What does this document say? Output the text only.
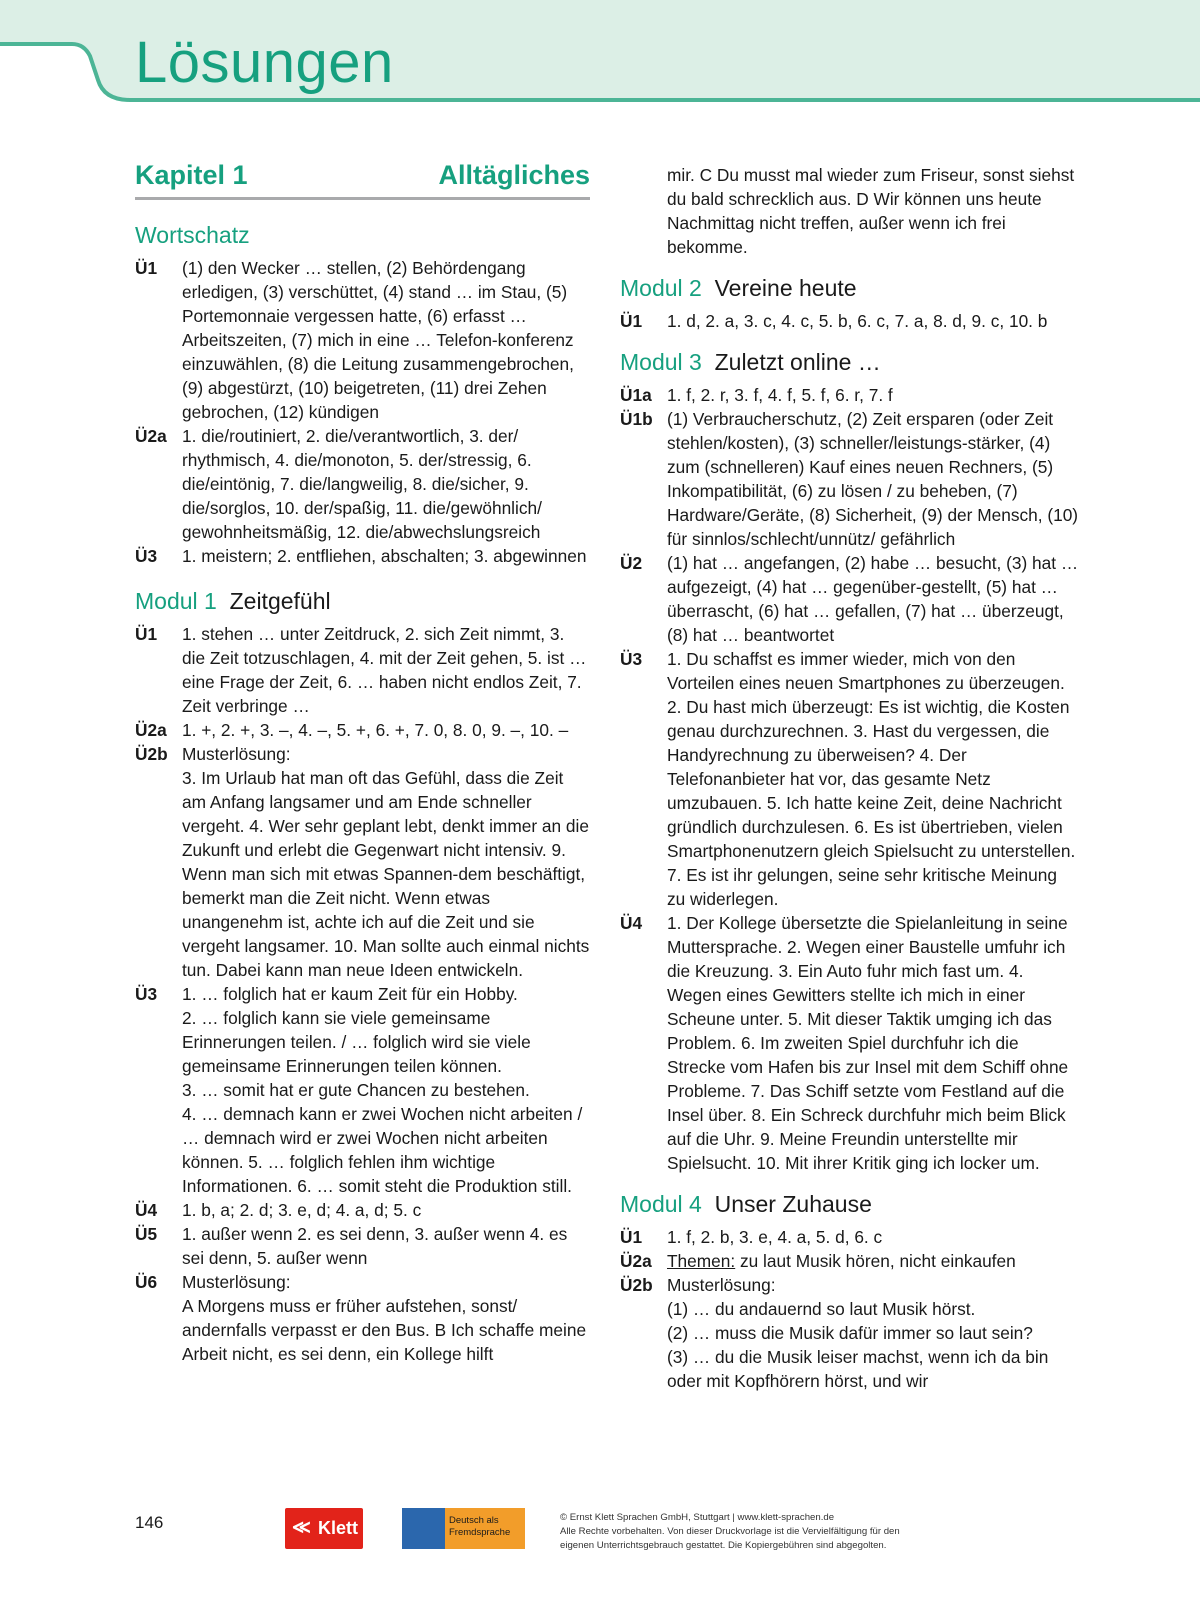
Lösungen
Kapitel 1	Alltägliches
Wortschatz
Ü1	(1) den Wecker … stellen, (2) Behördengang erledigen, (3) verschüttet, (4) stand … im Stau, (5) Portemonnaie vergessen hatte, (6) erfasst … Arbeitszeiten, (7) mich in eine … Telefon-konferenz einzuwählen, (8) die Leitung zusammengebrochen, (9) abgestürzt, (10) beigetreten, (11) drei Zehen gebrochen, (12) kündigen
Ü2a 1. die/routiniert, 2. die/verantwortlich, 3. der/ rhythmisch, 4. die/monoton, 5. der/stressig, 6. die/eintönig, 7. die/langweilig, 8. die/sicher, 9. die/sorglos, 10. der/spaßig, 11. die/gewöhnlich/ gewohnheitsmäßig, 12. die/abwechslungsreich
Ü3	1. meistern; 2. entfliehen, abschalten; 3. abgewinnen
Modul 1 Zeitgefühl
Ü1	1. stehen … unter Zeitdruck, 2. sich Zeit nimmt, 3. die Zeit totzuschlagen, 4. mit der Zeit gehen, 5. ist … eine Frage der Zeit, 6. … haben nicht endlos Zeit, 7. Zeit verbringe …
Ü2a 1. +, 2. +, 3. –, 4. –, 5. +, 6. +, 7. 0, 8. 0, 9. –, 10. –
Ü2b Musterlösung:
3. Im Urlaub hat man oft das Gefühl, dass die Zeit am Anfang langsamer und am Ende schneller vergeht. 4. Wer sehr geplant lebt, denkt immer an die Zukunft und erlebt die Gegenwart nicht intensiv. 9. Wenn man sich mit etwas Spannen-dem beschäftigt, bemerkt man die Zeit nicht. Wenn etwas unangenehm ist, achte ich auf die Zeit und sie vergeht langsamer. 10. Man sollte auch einmal nichts tun. Dabei kann man neue Ideen entwickeln.
Ü3	1. … folglich hat er kaum Zeit für ein Hobby.
2. … folglich kann sie viele gemeinsame Erinnerungen teilen. / … folglich wird sie viele gemeinsame Erinnerungen teilen können.
3. … somit hat er gute Chancen zu bestehen.
4. … demnach kann er zwei Wochen nicht arbeiten / … demnach wird er zwei Wochen nicht arbeiten können. 5. … folglich fehlen ihm wichtige Informationen. 6. … somit steht die Produktion still.
Ü4	1. b, a; 2. d; 3. e, d; 4. a, d; 5. c
Ü5	1. außer wenn 2. es sei denn, 3. außer wenn 4. es sei denn, 5. außer wenn
Ü6	Musterlösung:
A Morgens muss er früher aufstehen, sonst/ andernfalls verpasst er den Bus. B Ich schaffe meine Arbeit nicht, es sei denn, ein Kollege hilft
mir. C Du musst mal wieder zum Friseur, sonst siehst du bald schrecklich aus. D Wir können uns heute Nachmittag nicht treffen, außer wenn ich frei bekomme.
Modul 2 Vereine heute
Ü1	1. d, 2. a, 3. c, 4. c, 5. b, 6. c, 7. a, 8. d, 9. c, 10. b
Modul 3 Zuletzt online …
Ü1a 1. f, 2. r, 3. f, 4. f, 5. f, 6. r, 7. f
Ü1b (1) Verbraucherschutz, (2) Zeit ersparen (oder Zeit stehlen/kosten), (3) schneller/leistungs-stärker, (4) zum (schnelleren) Kauf eines neuen Rechners, (5) Inkompatibilität, (6) zu lösen / zu beheben, (7) Hardware/Geräte, (8) Sicherheit, (9) der Mensch, (10) für sinnlos/schlecht/unnütz/ gefährlich
Ü2	(1) hat … angefangen, (2) habe … besucht, (3) hat … aufgezeigt, (4) hat … gegenüber-gestellt, (5) hat … überrascht, (6) hat … gefallen, (7) hat … überzeugt, (8) hat … beantwortet
Ü3	1. Du schaffst es immer wieder, mich von den Vorteilen eines neuen Smartphones zu überzeugen. 2. Du hast mich überzeugt: Es ist wichtig, die Kosten genau durchzurechnen. 3. Hast du vergessen, die Handyrechnung zu überweisen? 4. Der Telefonanbieter hat vor, das gesamte Netz umzubauen. 5. Ich hatte keine Zeit, deine Nachricht gründlich durchzulesen. 6. Es ist übertrieben, vielen Smartphonenutzern gleich Spielsucht zu unterstellen. 7. Es ist ihr gelungen, seine sehr kritische Meinung zu widerlegen.
Ü4	1. Der Kollege übersetzte die Spielanleitung in seine Muttersprache. 2. Wegen einer Baustelle umfuhr ich die Kreuzung. 3. Ein Auto fuhr mich fast um. 4. Wegen eines Gewitters stellte ich mich in einer Scheune unter. 5. Mit dieser Taktik umging ich das Problem. 6. Im zweiten Spiel durchfuhr ich die Strecke vom Hafen bis zur Insel mit dem Schiff ohne Probleme. 7. Das Schiff setzte vom Festland auf die Insel über. 8. Ein Schreck durchfuhr mich beim Blick auf die Uhr. 9. Meine Freundin unterstellte mir Spielsucht. 10. Mit ihrer Kritik ging ich locker um.
Modul 4 Unser Zuhause
Ü1	1. f, 2. b, 3. e, 4. a, 5. d, 6. c
Ü2a Themen: zu laut Musik hören, nicht einkaufen
Ü2b Musterlösung:
(1) … du andauernd so laut Musik hörst.
(2) … muss die Musik dafür immer so laut sein?
(3) … du die Musik leiser machst, wenn ich da bin oder mit Kopfhörern hörst, und wir
146	≪ Klett	Deutsch als
Fremdsprache
© Ernst Klett Sprachen GmbH, Stuttgart | www.klett-sprachen.de
Alle Rechte vorbehalten. Von dieser Druckvorlage ist die Vervielfältigung für den
eigenen Unterrichtsgebrauch gestattet. Die Kopiergebühren sind abgegolten.
